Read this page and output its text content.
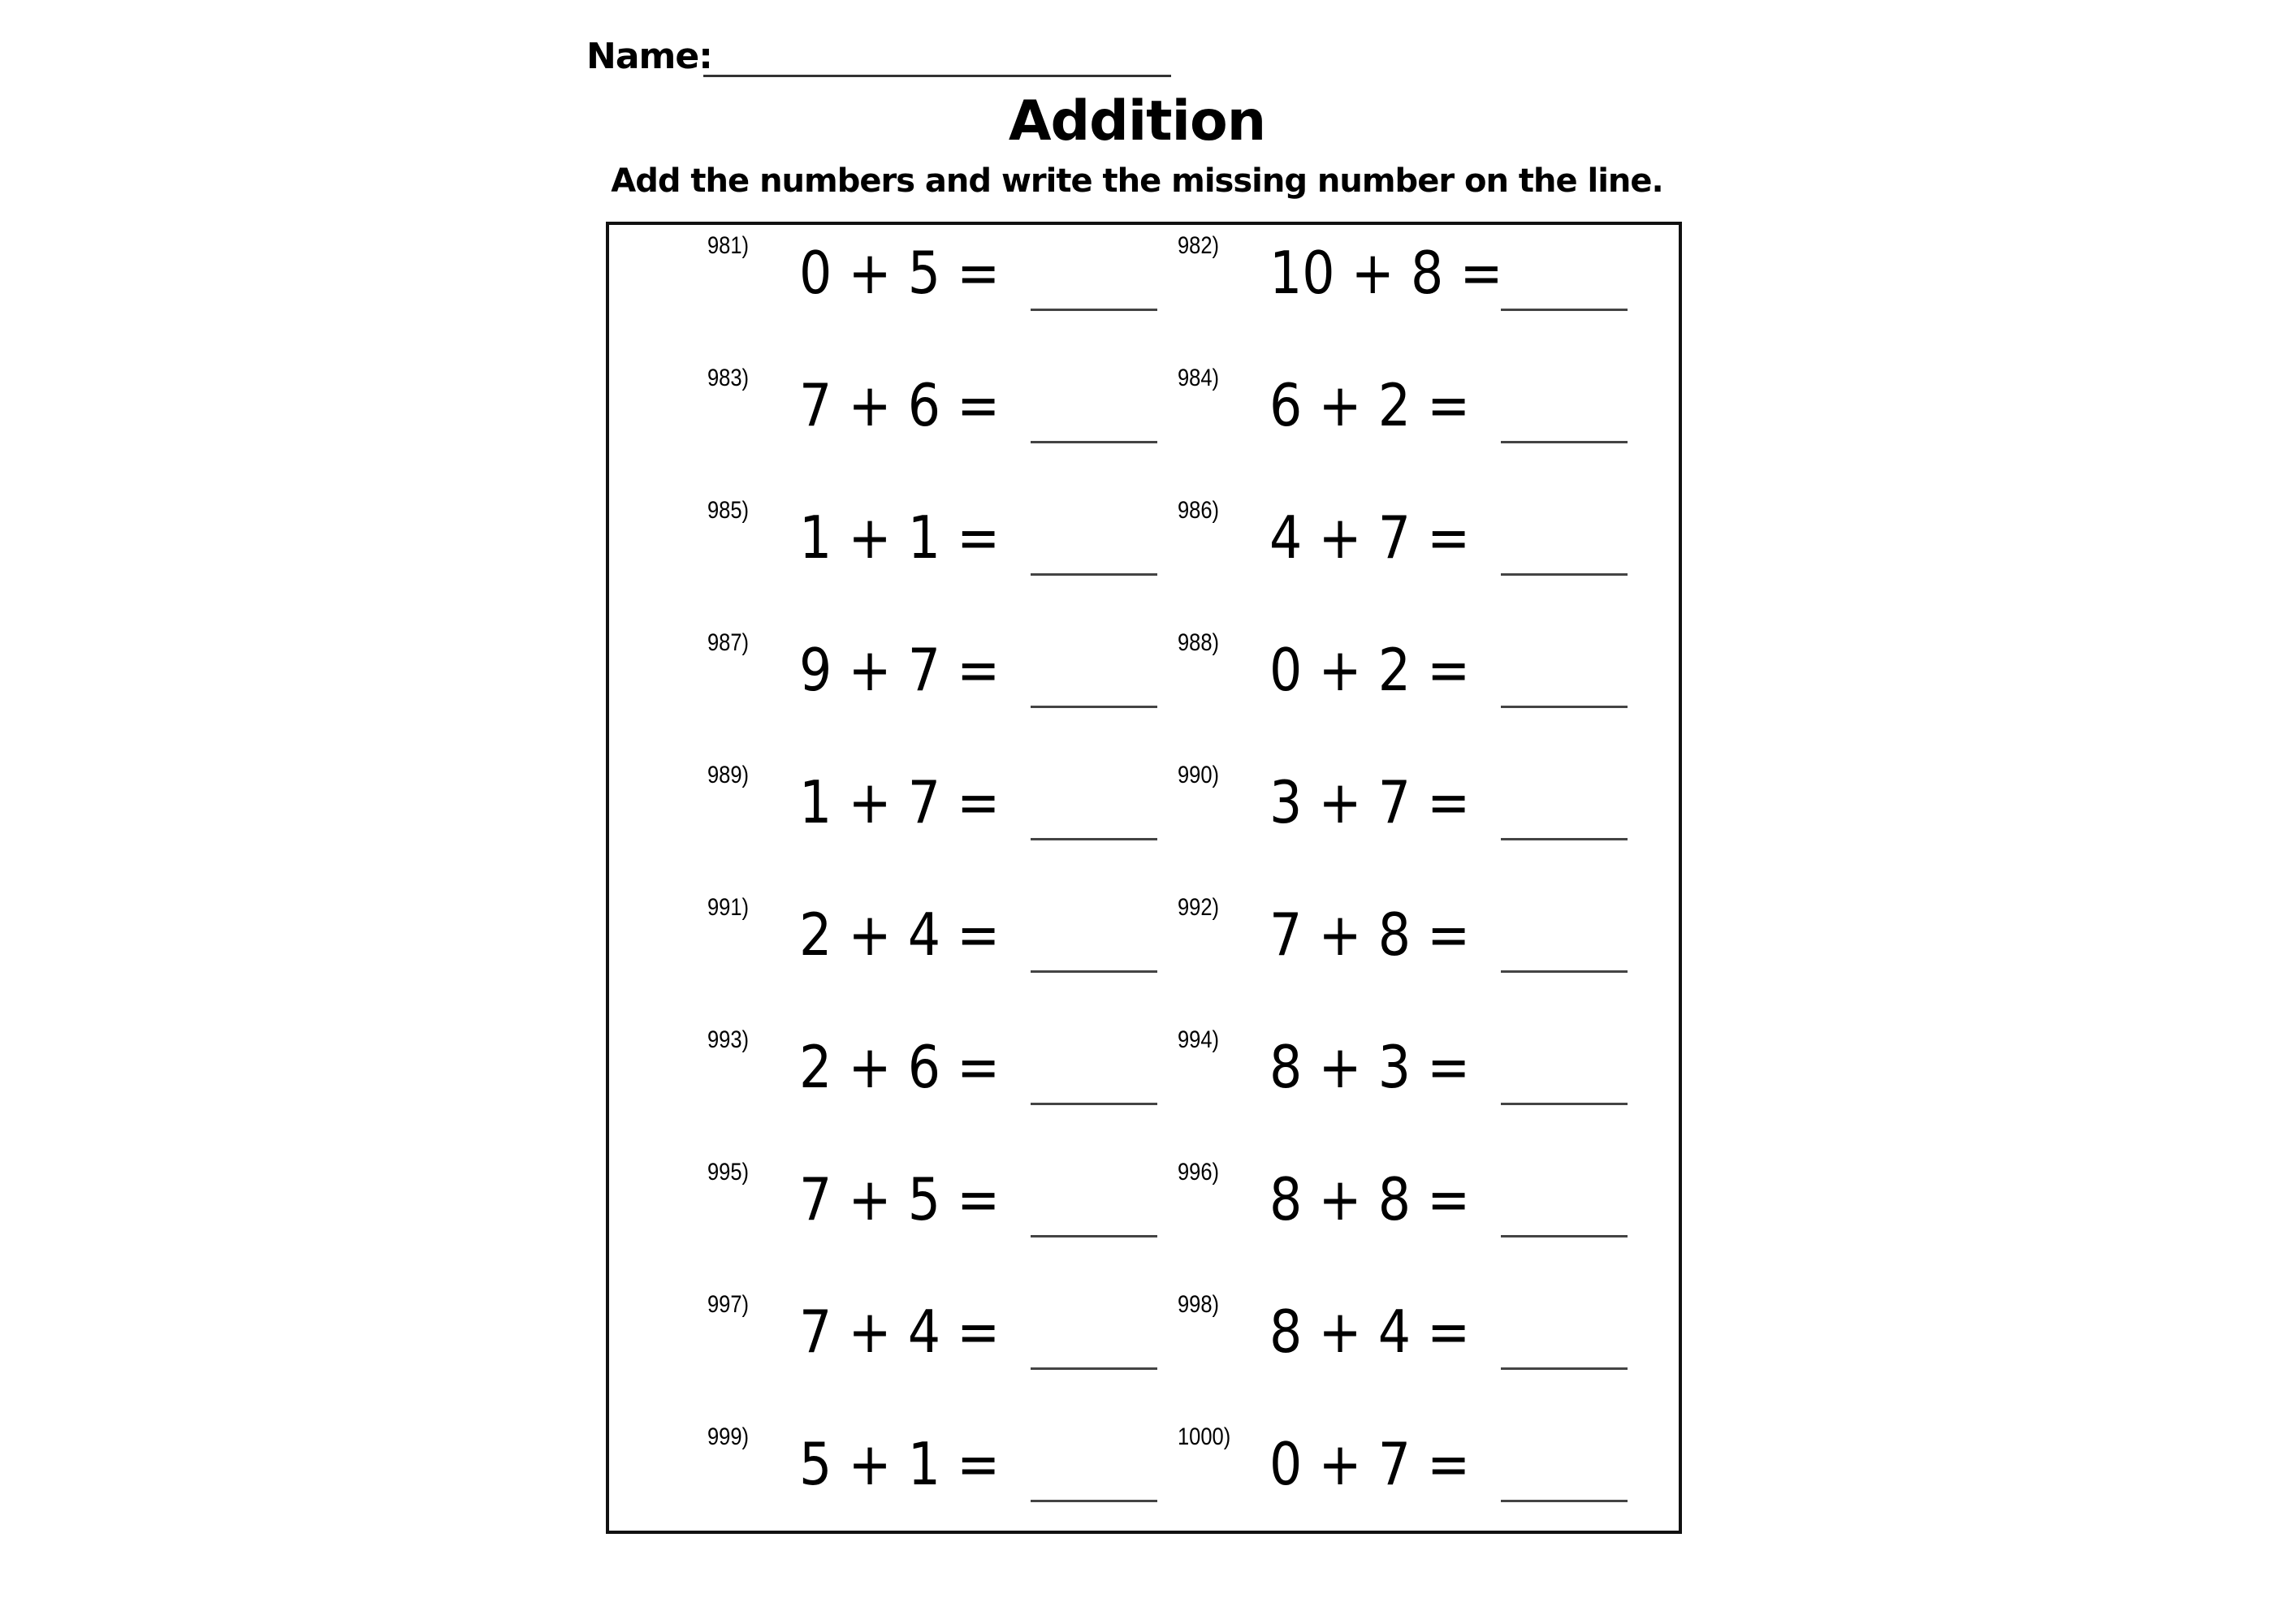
Name:
Addition
Add the numbers and write the missing number on the line.
981) 0 + 5 =	982) 10 + 8 =
983) 7 + 6 =	984) 6 + 2 =
985) 1 + 1 =	986) 4 + 7 =
987) 9 + 7 =	988) 0 + 2 =
989) 1 + 7 =	990) 3 + 7 =
991) 2 + 4 =	992) 7 + 8 =
993) 2 + 6 =	994) 8 + 3 =
995) 7 + 5 =	996) 8 + 8 =
997) 7 + 4 =	998) 8 + 4 =
999) 5 + 1 =	1000) 0 + 7 =
